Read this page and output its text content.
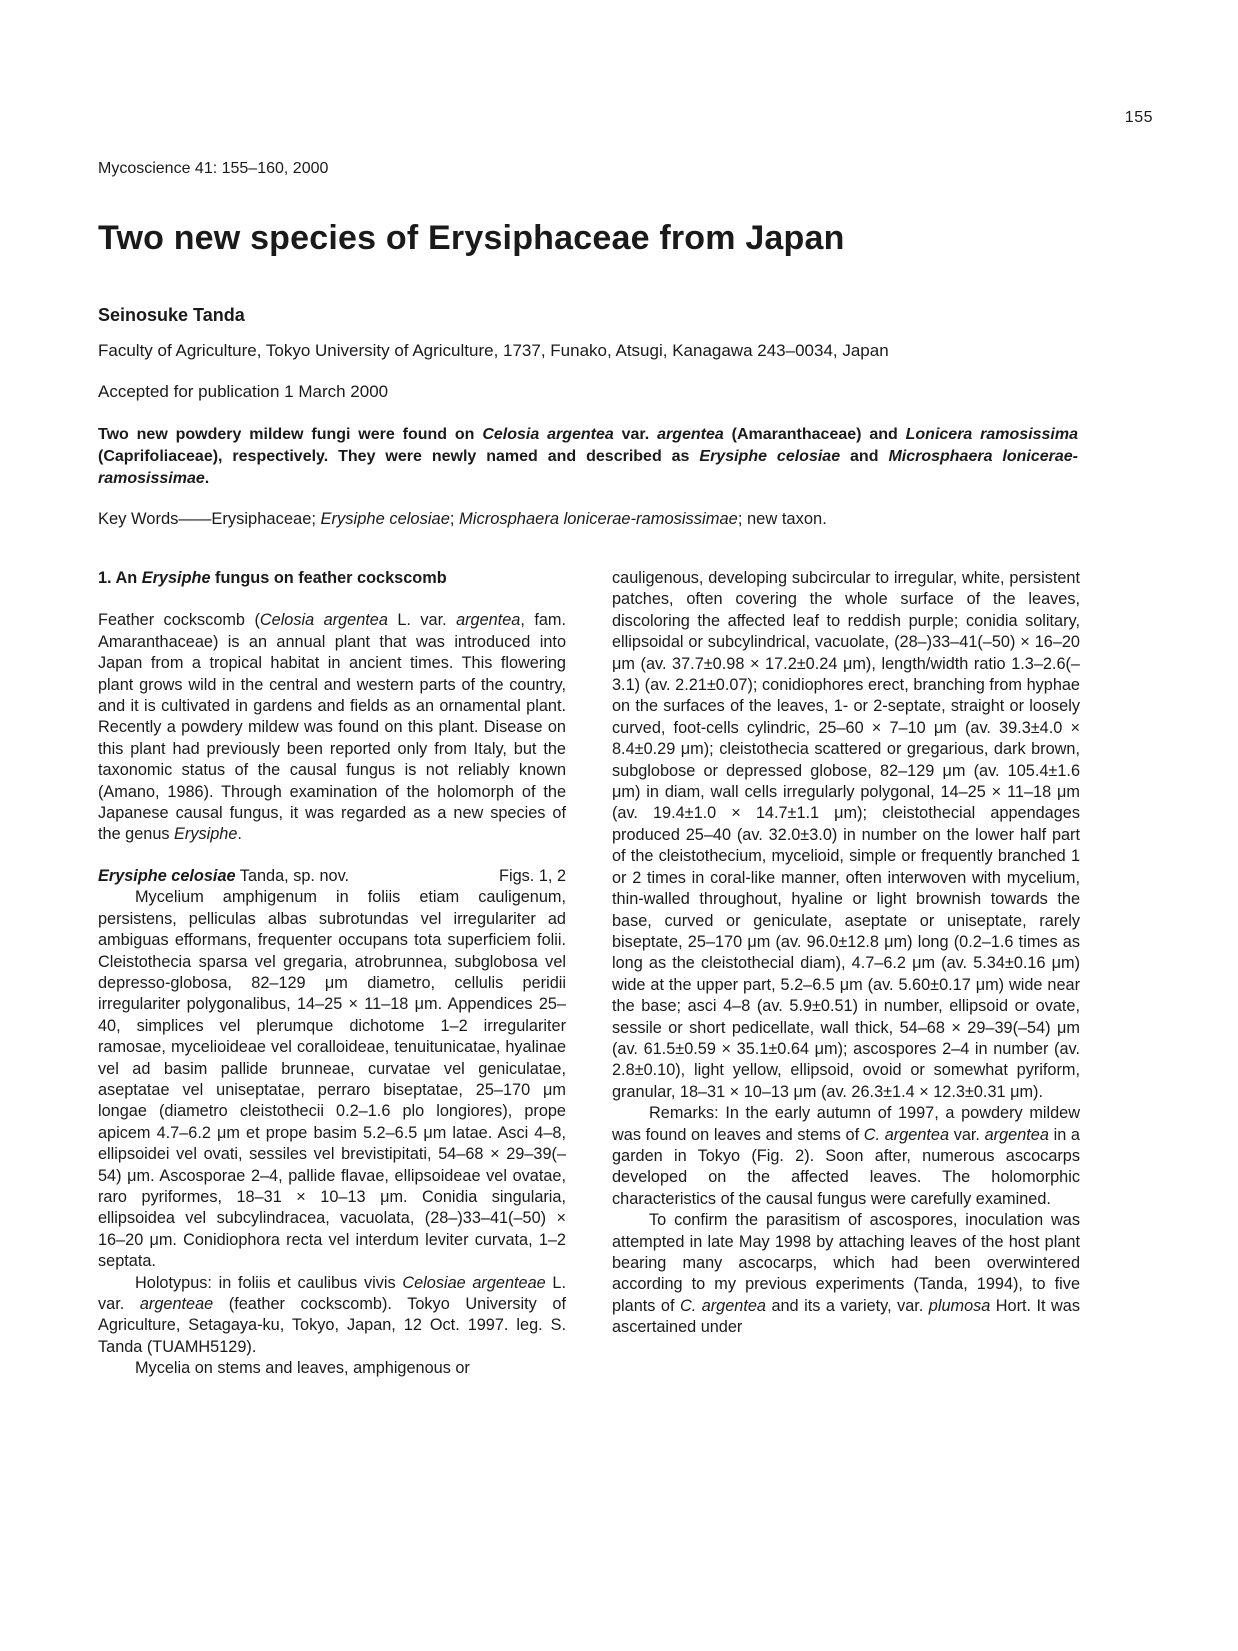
155
Mycoscience 41: 155–160, 2000
Two new species of Erysiphaceae from Japan
Seinosuke Tanda
Faculty of Agriculture, Tokyo University of Agriculture, 1737, Funako, Atsugi, Kanagawa 243–0034, Japan
Accepted for publication 1 March 2000

Two new powdery mildew fungi were found on Celosia argentea var. argentea (Amaranthaceae) and Lonicera ramosissima (Caprifoliaceae), respectively. They were newly named and described as Erysiphe celosiae and Microsphaera lonicerae-ramosissimae.

Key Words——Erysiphaceae; Erysiphe celosiae; Microsphaera lonicerae-ramosissimae; new taxon.

1. An Erysiphe fungus on feather cockscomb

Feather cockscomb (Celosia argentea L. var. argentea, fam. Amaranthaceae) is an annual plant that was introduced into Japan from a tropical habitat in ancient times. This flowering plant grows wild in the central and western parts of the country, and it is cultivated in gardens and fields as an ornamental plant. Recently a powdery mildew was found on this plant. Disease on this plant had previously been reported only from Italy, but the taxonomic status of the causal fungus is not reliably known (Amano, 1986). Through examination of the holomorph of the Japanese causal fungus, it was regarded as a new species of the genus Erysiphe.

Erysiphe celosiae Tanda, sp. nov.	Figs. 1, 2

Mycelium amphigenum in foliis etiam cauligenum, persistens, pelliculas albas subrotundas vel irregulariter ad ambiguas efformans, frequenter occupans tota superficiem folii. Cleistothecia sparsa vel gregaria, atrobrunnea, subglobosa vel depresso-globosa, 82–129 μm diametro, cellulis peridii irregulariter polygonalibus, 14–25 × 11–18 μm. Appendices 25–40, simplices vel plerumque dichotome 1–2 irregulariter ramosae, mycelioideae vel coralloideae, tenuitunicatae, hyalinae vel ad basim pallide brunneae, curvatae vel geniculatae, aseptatae vel uniseptatae, perraro biseptatae, 25–170 μm longae (diametro cleistothecii 0.2–1.6 plo longiores), prope apicem 4.7–6.2 μm et prope basim 5.2–6.5 μm latae. Asci 4–8, ellipsoidei vel ovati, sessiles vel brevistipitati, 54–68 × 29–39(–54) μm. Ascosporae 2–4, pallide flavae, ellipsoideae vel ovatae, raro pyriformes, 18–31 × 10–13 μm. Conidia singularia, ellipsoidea vel subcylindracea, vacuolata, (28–)33–41(–50) × 16–20 μm. Conidiophora recta vel interdum leviter curvata, 1–2 septata.

Holotypus: in foliis et caulibus vivis Celosiae argenteae L. var. argenteae (feather cockscomb). Tokyo University of Agriculture, Setagaya-ku, Tokyo, Japan, 12 Oct. 1997. leg. S. Tanda (TUAMH5129).

Mycelia on stems and leaves, amphigenous or

cauligenous, developing subcircular to irregular, white, persistent patches, often covering the whole surface of the leaves, discoloring the affected leaf to reddish purple; conidia solitary, ellipsoidal or subcylindrical, vacuolate, (28–)33–41(–50) × 16–20 μm (av. 37.7±0.98 × 17.2±0.24 μm), length/width ratio 1.3–2.6(–3.1) (av. 2.21±0.07); conidiophores erect, branching from hyphae on the surfaces of the leaves, 1- or 2-septate, straight or loosely curved, foot-cells cylindric, 25–60 × 7–10 μm (av. 39.3±4.0 × 8.4±0.29 μm); cleistothecia scattered or gregarious, dark brown, subglobose or depressed globose, 82–129 μm (av. 105.4±1.6 μm) in diam, wall cells irregularly polygonal, 14–25 × 11–18 μm (av. 19.4±1.0 × 14.7±1.1 μm); cleistothecial appendages produced 25–40 (av. 32.0±3.0) in number on the lower half part of the cleistothecium, mycelioid, simple or frequently branched 1 or 2 times in coral-like manner, often interwoven with mycelium, thin-walled throughout, hyaline or light brownish towards the base, curved or geniculate, aseptate or uniseptate, rarely biseptate, 25–170 μm (av. 96.0±12.8 μm) long (0.2–1.6 times as long as the cleistothecial diam), 4.7–6.2 μm (av. 5.34±0.16 μm) wide at the upper part, 5.2–6.5 μm (av. 5.60±0.17 μm) wide near the base; asci 4–8 (av. 5.9±0.51) in number, ellipsoid or ovate, sessile or short pedicellate, wall thick, 54–68 × 29–39(–54) μm (av. 61.5±0.59 × 35.1±0.64 μm); ascospores 2–4 in number (av. 2.8±0.10), light yellow, ellipsoid, ovoid or somewhat pyriform, granular, 18–31 × 10–13 μm (av. 26.3±1.4 × 12.3±0.31 μm).

Remarks: In the early autumn of 1997, a powdery mildew was found on leaves and stems of C. argentea var. argentea in a garden in Tokyo (Fig. 2). Soon after, numerous ascocarps developed on the affected leaves. The holomorphic characteristics of the causal fungus were carefully examined.

To confirm the parasitism of ascospores, inoculation was attempted in late May 1998 by attaching leaves of the host plant bearing many ascocarps, which had been overwintered according to my previous experiments (Tanda, 1994), to five plants of C. argentea and its a variety, var. plumosa Hort. It was ascertained under
